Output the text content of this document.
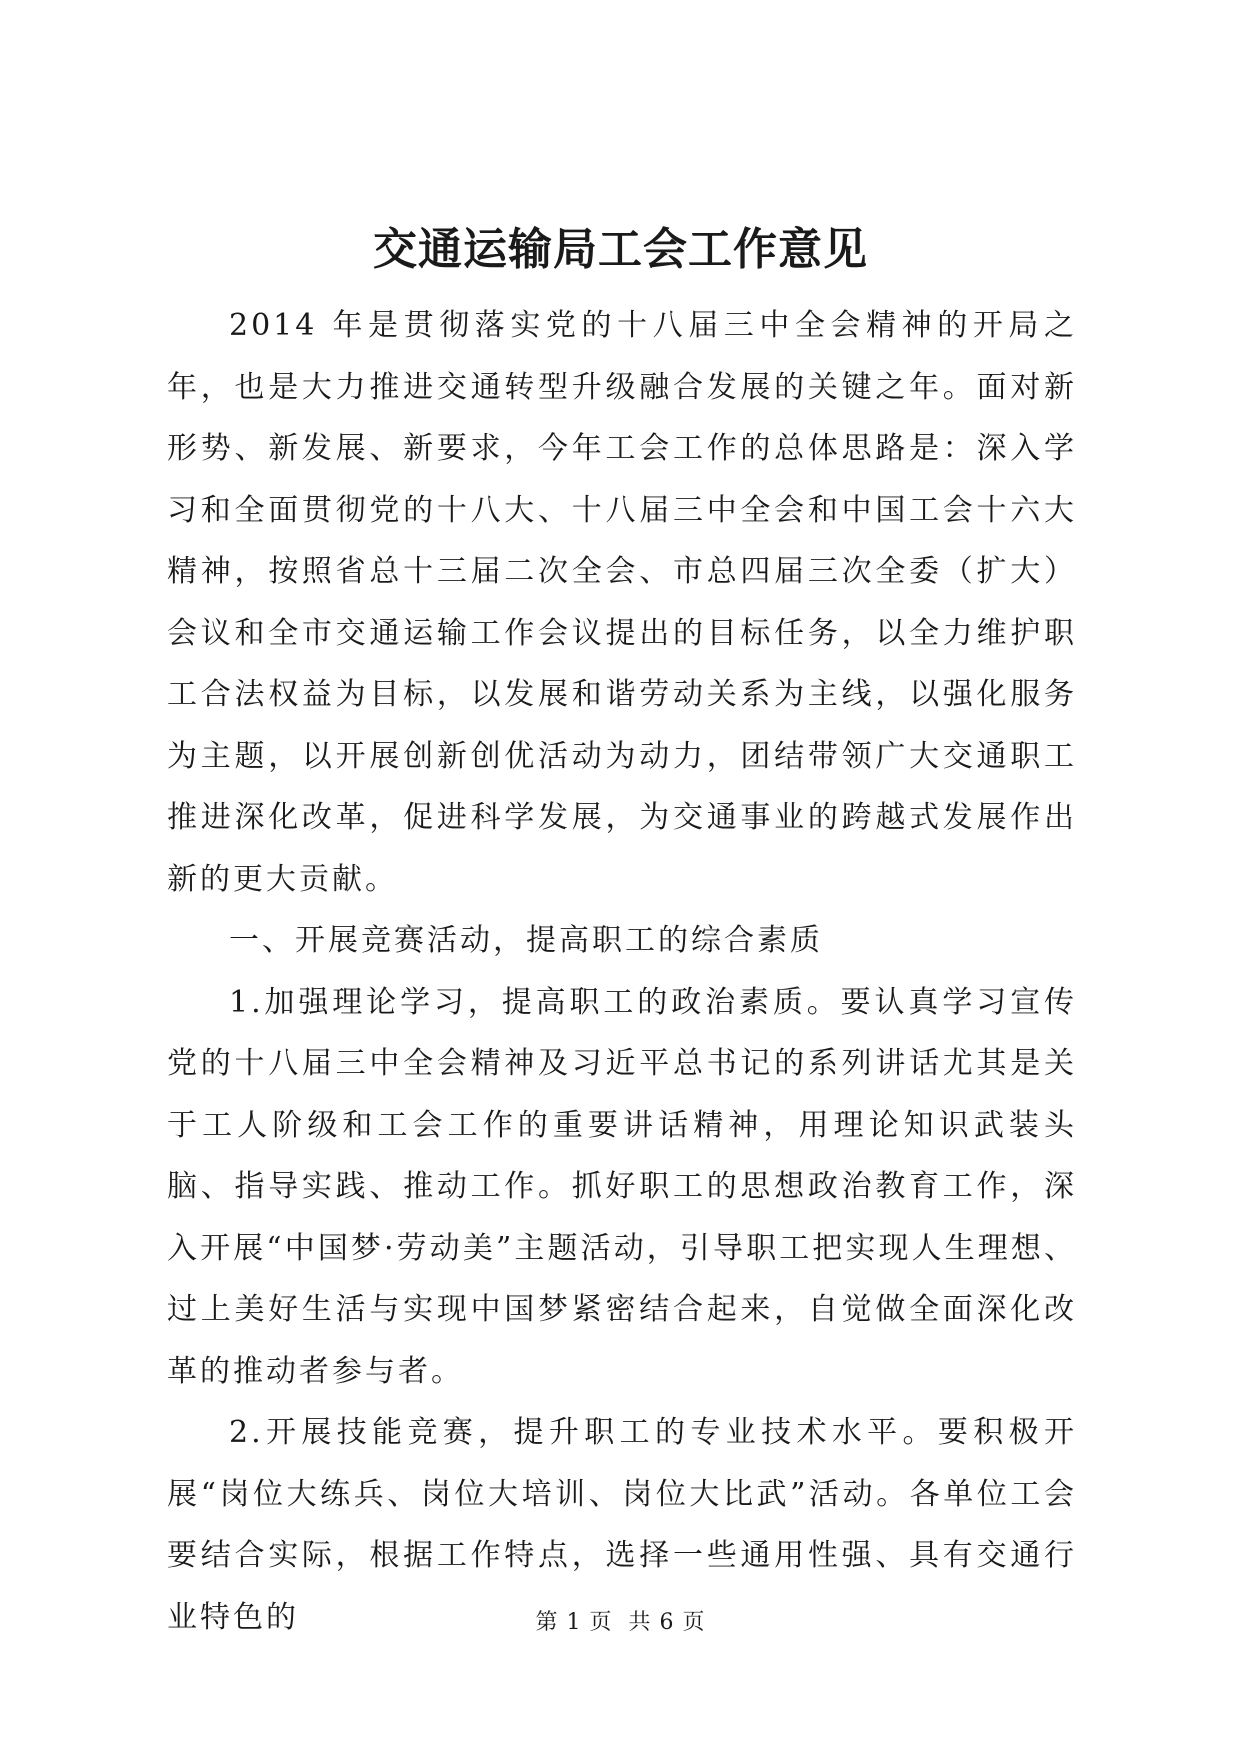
交通运输局工会工作意见

2014 年是贯彻落实党的十八届三中全会精神的开局之年，也是大力推进交通转型升级融合发展的关键之年。面对新形势、新发展、新要求，今年工会工作的总体思路是：深入学习和全面贯彻党的十八大、十八届三中全会和中国工会十六大精神，按照省总十三届二次全会、市总四届三次全委（扩大）会议和全市交通运输工作会议提出的目标任务，以全力维护职工合法权益为目标，以发展和谐劳动关系为主线，以强化服务为主题，以开展创新创优活动为动力，团结带领广大交通职工推进深化改革，促进科学发展，为交通事业的跨越式发展作出新的更大贡献。

一、开展竞赛活动，提高职工的综合素质

1.加强理论学习，提高职工的政治素质。要认真学习宣传党的十八届三中全会精神及习近平总书记的系列讲话尤其是关于工人阶级和工会工作的重要讲话精神，用理论知识武装头脑、指导实践、推动工作。抓好职工的思想政治教育工作，深入开展“中国梦·劳动美”主题活动，引导职工把实现人生理想、过上美好生活与实现中国梦紧密结合起来，自觉做全面深化改革的推动者参与者。

2.开展技能竞赛，提升职工的专业技术水平。要积极开展“岗位大练兵、岗位大培训、岗位大比武”活动。各单位工会要结合实际，根据工作特点，选择一些通用性强、具有交通行业特色的	第 1 页  共 6 页
